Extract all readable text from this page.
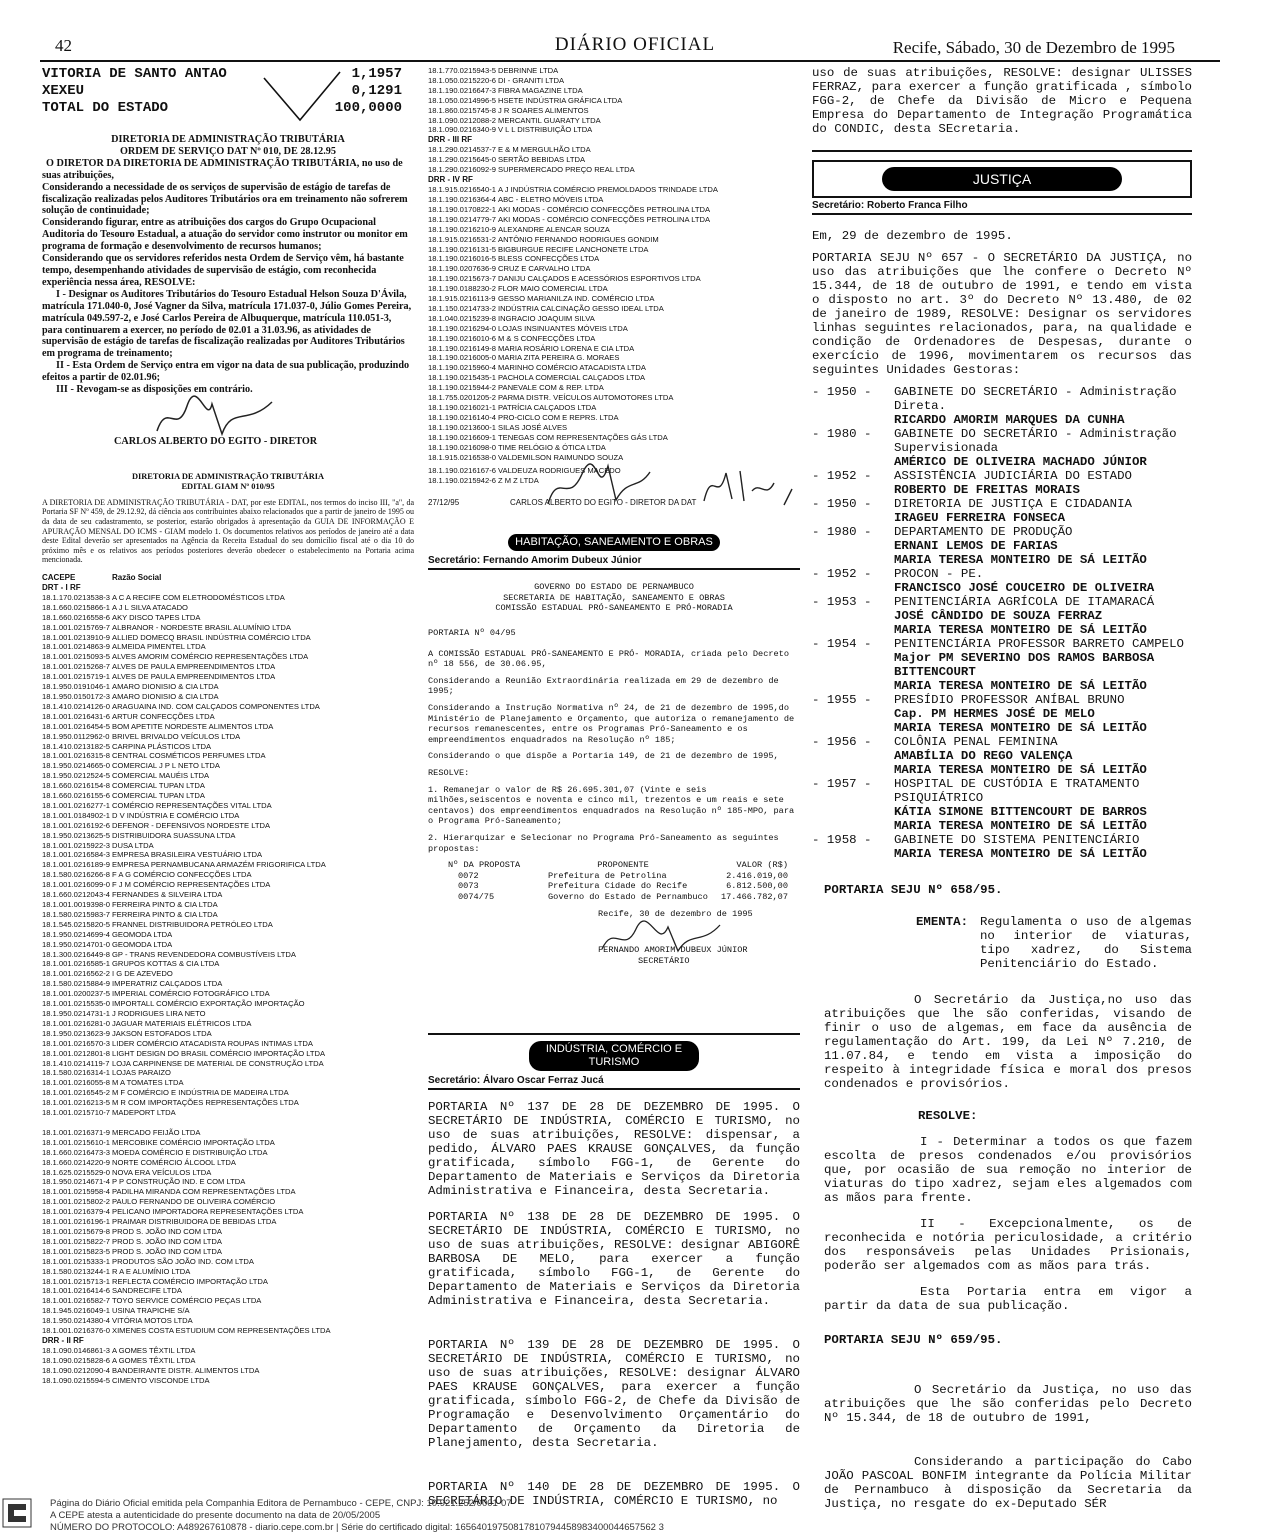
42	DIÁRIO OFICIAL	Recife, Sábado, 30 de Dezembro de 1995
VITORIA DE SANTO ANTAO	1,1957
XEXEU	0,1291
TOTAL DO ESTADO	100,0000

DIRETORIA DE ADMINISTRAÇÃO TRIBUTÁRIA

ORDEM DE SERVIÇO DAT Nº 010, DE 28.12.95

O DIRETOR DA DIRETORIA DE ADMINISTRAÇÃO TRIBUTÁRIA, no uso de suas atribuições,

Considerando a necessidade de os serviços de supervisão de estágio de tarefas de fiscalização realizadas pelos Auditores Tributários ora em treinamento não sofrerem solução de continuidade;

Considerando figurar, entre as atribuições dos cargos do Grupo Ocupacional Auditoria do Tesouro Estadual, a atuação do servidor como instrutor ou monitor em programa de formação e desenvolvimento de recursos humanos;

Considerando que os servidores referidos nesta Ordem de Serviço vêm, há bastante tempo, desempenhando atividades de supervisão de estágio, com reconhecida experiência nessa área, RESOLVE:

I - Designar os Auditores Tributários do Tesouro Estadual Helson Souza D'Ávila, matrícula 171.040-0, José Vagner da Silva, matrícula 171.037-0, Júlio Gomes Pereira, matrícula 049.597-2, e José Carlos Pereira de Albuquerque, matrícula 110.051-3, para continuarem a exercer, no período de 02.01 a 31.03.96, as atividades de supervisão de estágio de tarefas de fiscalização realizadas por Auditores Tributários em programa de treinamento;

II - Esta Ordem de Serviço entra em vigor na data de sua publicação, produzindo efeitos a partir de 02.01.96;

III - Revogam-se as disposições em contrário.

CARLOS ALBERTO DO EGITO - DIRETOR

DIRETORIA DE ADMINISTRAÇÃO TRIBUTÁRIA

EDITAL GIAM Nº 010/95

A DIRETORIA DE ADMINISTRAÇÃO TRIBUTÁRIA - DAT, por este EDITAL, nos termos do inciso III, "a", da Portaria SF Nº 459, de 29.12.92, dá ciência aos contribuintes abaixo relacionados que a partir de janeiro de 1995 ou da data de seu cadastramento, se posterior, estarão obrigados à apresentação da GUIA DE INFORMAÇÃO E APURAÇÃO MENSAL DO ICMS - GIAM modelo 1. Os documentos relativos aos períodos de janeiro até a data deste Edital deverão ser apresentados na Agência da Receita Estadual do seu domicílio fiscal até o dia 10 do próximo mês e os relativos aos períodos posteriores deverão obedecer o estabelecimento na Portaria acima mencionada.

CACEPE	Razão Social
DRT - I RF
18.1.170.0213538-3 A C A RECIFE COM ELETRODOMÉSTICOS LTDA
18.1.660.0215866-1 A J L SILVA ATACADO
18.1.660.0216558-6 AKY DISCO TAPES LTDA
18.1.001.0215769-7 ALBRANOR - NORDESTE BRASIL ALUMÍNIO LTDA
18.1.001.0213910-9 ALLIED DOMECQ BRASIL INDÚSTRIA COMÉRCIO LTDA
18.1.001.0214863-9 ALMEIDA PIMENTEL LTDA
18.1.001.0215093-5 ALVES AMORIM COMÉRCIO REPRESENTAÇÕES LTDA
18.1.001.0215268-7 ALVES DE PAULA EMPREENDIMENTOS LTDA
18.1.001.0215719-1 ALVES DE PAULA EMPREENDIMENTOS LTDA
18.1.950.0191046-1 AMARO DIONISIO & CIA LTDA
18.1.950.0150172-3 AMARO DIONISIO & CIA LTDA
18.1.410.0214126-0 ARAGUAINA IND. COM CALÇADOS COMPONENTES LTDA
18.1.001.0216431-6 ARTUR CONFECÇÕES LTDA
18.1.001.0216454-5 BOM APETITE NORDESTE ALIMENTOS LTDA
18.1.950.0112962-0 BRIVEL BRIVALDO VEÍCULOS LTDA
18.1.410.0213182-5 CARPINA PLÁSTICOS LTDA
18.1.001.0216315-8 CENTRAL COSMÉTICOS PERFUMES LTDA
18.1.950.0214665-0 COMERCIAL J P L NETO LTDA
18.1.950.0212524-5 COMERCIAL MAUÉIS LTDA
18.1.660.0216154-8 COMERCIAL TUPAN LTDA
18.1.660.0216155-6 COMERCIAL TUPAN LTDA
18.1.001.0216277-1 COMÉRCIO REPRESENTAÇÕES VITAL LTDA
18.1.001.0184902-1 D V INDÚSTRIA E COMÉRCIO LTDA
18.1.001.0216192-6 DEFENOR - DEFENSIVOS NORDESTE LTDA
18.1.950.0213625-5 DISTRIBUIDORA SUASSUNA LTDA
18.1.001.0215922-3 DUSA LTDA
18.1.001.0216584-3 EMPRESA BRASILEIRA VESTUÁRIO LTDA
18.1.001.0216189-9 EMPRESA PERNAMBUCANA ARMAZÉM FRIGORIFICA LTDA
18.1.580.0216266-8 F A G COMÉRCIO CONFECÇÕES LTDA
18.1.001.0216099-0 F J M COMÉRCIO REPRESENTAÇÕES LTDA
18.1.660.0212043-4 FERNANDES & SILVEIRA LTDA
18.1.001.0019398-0 FERREIRA PINTO & CIA LTDA
18.1.580.0215983-7 FERREIRA PINTO & CIA LTDA
18.1.545.0215820-5 FRANNEL DISTRIBUIDORA PETRÓLEO LTDA
18.1.950.0214699-4 GEOMODA LTDA
18.1.950.0214701-0 GEOMODA LTDA
18.1.300.0216449-8 GP - TRANS REVENDEDORA COMBUSTÍVEIS LTDA
18.1.001.0216585-1 GRUPOS KOTTAS & CIA LTDA
18.1.001.0216562-2 I G DE AZEVEDO
18.1.580.0215884-9 IMPERATRIZ CALÇADOS LTDA
18.1.001.0200237-5 IMPERIAL COMÉRCIO FOTOGRÁFICO LTDA
18.1.001.0215535-0 IMPORTALL COMÉRCIO EXPORTAÇÃO IMPORTAÇÃO
18.1.950.0214731-1 J RODRIGUES LIRA NETO
18.1.001.0216281-0 JAGUAR MATERIAIS ELÉTRICOS LTDA
18.1.950.0213623-9 JAKSON ESTOFADOS LTDA
18.1.001.0216570-3 LIDER COMÉRCIO ATACADISTA ROUPAS INTIMAS LTDA
18.1.001.0212801-8 LIGHT DESIGN DO BRASIL COMÉRCIO IMPORTAÇÃO LTDA
18.1.410.0214119-7 LOJA CARPINENSE DE MATERIAL DE CONSTRUÇÃO LTDA
18.1.580.0216314-1 LOJAS PARAIZO
18.1.001.0216055-8 M A TOMATES LTDA
18.1.001.0216545-2 M F COMÉRCIO E INDÚSTRIA DE MADEIRA LTDA
18.1.001.0216213-5 M R COM IMPORTAÇÕES REPRESENTAÇÕES LTDA
18.1.001.0215710-7 MADEPORT LTDA
18.1.001.0216371-9 MERCADO FEIJÃO LTDA
18.1.001.0215610-1 MERCOBIKE COMÉRCIO IMPORTAÇÃO LTDA
18.1.660.0216473-3 MOEDA COMÉRCIO E DISTRIBUIÇÃO LTDA
18.1.660.0214220-9 NORTE COMÉRCIO ÁLCOOL LTDA
18.1.625.0215529-0 NOVA ERA VEÍCULOS LTDA
18.1.950.0214671-4 P P CONSTRUÇÃO IND. E COM LTDA
18.1.001.0215958-4 PADILHA MIRANDA COM REPRESENTAÇÕES LTDA
18.1.001.0215802-2 PAULO FERNANDO DE OLIVEIRA COMÉRCIO
18.1.001.0216379-4 PELICANO IMPORTADORA REPRESENTAÇÕES LTDA
18.1.001.0216196-1 PRAIMAR DISTRIBUIDORA DE BEBIDAS LTDA
18.1.001.0215679-8 PROD S. JOÃO IND COM LTDA
18.1.001.0215822-7 PROD S. JOÃO IND COM LTDA
18.1.001.0215823-5 PROD S. JOÃO IND COM LTDA
18.1.001.0215333-1 PRODUTOS SÃO JOÃO IND. COM LTDA
18.1.580.0213244-1 R A E ALUMÍNIO LTDA
18.1.001.0215713-1 REFLECTA COMÉRCIO IMPORTAÇÃO LTDA
18.1.001.0216414-6 SANDRECIFE LTDA
18.1.001.0216582-7 TOYO SERVICE COMÉRCIO PEÇAS LTDA
18.1.945.0216049-1 USINA TRAPICHE S/A
18.1.950.0214380-4 VITÓRIA MOTOS LTDA
18.1.001.0216376-0 XIMENES COSTA ESTUDIUM COM REPRESENTAÇÕES LTDA
DRR - II RF
18.1.090.0146861-3 A GOMES TÊXTIL LTDA
18.1.090.0215828-6 A GOMES TÊXTIL LTDA
18.1.090.0212090-4 BANDEIRANTE DISTR. ALIMENTOS LTDA
18.1.090.0215594-5 CIMENTO VISCONDE LTDA
18.1.770.0215943-5 DEBRINNE LTDA
18.1.050.0215220-6 DI - GRANITI LTDA
18.1.190.0216647-3 FIBRA MAGAZINE LTDA
18.1.050.0214996-5 HSETE INDÚSTRIA GRÁFICA LTDA
18.1.860.0215745-8 J R SOARES ALIMENTOS
18.1.090.0212088-2 MERCANTIL GUARATY LTDA
18.1.090.0216340-9 V L L DISTRIBUIÇÃO LTDA
DRR - III RF
18.1.290.0214537-7 E & M MERGULHÃO LTDA
18.1.290.0215645-0 SERTÃO BEBIDAS LTDA
18.1.290.0216092-9 SUPERMERCADO PREÇO REAL LTDA
DRR - IV RF
18.1.915.0216540-1 A J INDÚSTRIA COMÉRCIO PREMOLDADOS TRINDADE LTDA
18.1.190.0216364-4 ABC - ELETRO MÓVEIS LTDA
18.1.190.0170822-1 AKI MODAS - COMÉRCIO CONFECÇÕES PETROLINA LTDA
18.1.190.0214779-7 AKI MODAS - COMÉRCIO CONFECÇÕES PETROLINA LTDA
18.1.190.0216210-9 ALEXANDRE ALENCAR SOUZA
18.1.915.0216531-2 ANTÔNIO FERNANDO RODRIGUES GONDIM
18.1.190.0216131-5 BIGBURGUE RECIFE LANCHONETE LTDA
18.1.190.0216016-5 BLESS CONFECÇÕES LTDA
18.1.190.0207636-9 CRUZ E CARVALHO LTDA
18.1.190.0215673-7 DANIJU CALÇADOS E ACESSÓRIOS ESPORTIVOS LTDA
18.1.190.0188230-2 FLOR MAIO COMERCIAL LTDA
18.1.915.0216113-9 GESSO MARIANILZA IND. COMÉRCIO LTDA
18.1.150.0214733-2 INDÚSTRIA CALCINAÇÃO GESSO IDEAL LTDA
18.1.040.0215239-8 INGRACIO JOAQUIM SILVA
18.1.190.0216294-0 LOJAS INSINUANTES MÓVEIS LTDA
18.1.190.0216010-6 M & S CONFECÇÕES LTDA
18.1.190.0216149-8 MARIA ROSÁRIO LORENA E CIA LTDA
18.1.190.0216005-0 MARIA ZITA PEREIRA G. MORAES
18.1.190.0215960-4 MARINHO COMÉRCIO ATACADISTA LTDA
18.1.190.0215435-1 PACHOLA COMERCIAL CALÇADOS LTDA
18.1.190.0215944-2 PANEVALE COM & REP. LTDA
18.1.755.0201205-2 PARMA DISTR. VEÍCULOS AUTOMOTORES LTDA
18.1.190.0216021-1 PATRÍCIA CALÇADOS LTDA
18.1.190.0216140-4 PRO-CICLO COM E REPRS. LTDA
18.1.190.0213600-1 SILAS JOSÉ ALVES
18.1.190.0216609-1 TENEGAS COM REPRESENTAÇÕES GÁS LTDA
18.1.190.0216098-0 TIME RELÓGIO & ÓTICA LTDA
18.1.915.0216538-0 VALDEMILSON RAIMUNDO SOUZA
18.1.190.0216167-6 VALDEUZA RODRIGUES MACEDO
18.1.190.0215942-6 Z M Z LTDA
27/12/95	CARLOS ALBERTO DO EGITO - DIRETOR DA DAT
HABITAÇÃO, SANEAMENTO E OBRAS
Secretário: Fernando Amorim Dubeux Júnior

GOVERNO DO ESTADO DE PERNAMBUCO

SECRETARIA DE HABITAÇÃO, SANEAMENTO E OBRAS

COMISSÃO ESTADUAL PRÓ-SANEAMENTO E PRÓ-MORADIA

PORTARIA Nº 04/95

A COMISSÃO ESTADUAL PRÓ-SANEAMENTO E PRÓ- MORADIA, criada pelo Decreto nº 18 556, de 30.06.95,

Considerando a Reunião Extraordinária realizada em 29 de dezembro de 1995;

Considerando a Instrução Normativa nº 24, de 21 de dezembro de 1995,do Ministério de Planejamento e Orçamento, que autoriza o remanejamento de recursos remanescentes, entre os Programas Pró-Saneamento e os empreendimentos enquadrados na Resolução nº 185;

Considerando o que dispõe a Portaria 149, de 21 de dezembro de 1995,

RESOLVE:

1. Remanejar o valor de R$ 26.695.301,07 (Vinte e seis milhões,seiscentos e noventa e cinco mil, trezentos e um reais e sete centavos) dos empreendimentos enquadrados na Resolução nº 185-MPO, para o Programa Pró-Saneamento;

2. Hierarquizar e Selecionar no Programa Pró-Saneamento as seguintes propostas:

Nº DA PROPOSTA	PROPONENTE	VALOR (R$)
0072	Prefeitura de Petrolina	2.416.019,00
0073	Prefeitura Cidade do Recife	6.812.500,00
0074/75	Governo do Estado de Pernambuco	17.466.782,07

Recife, 30 de dezembro de 1995

FERNANDO AMORIM DUBEUX JÚNIOR

SECRETÁRIO

INDÚSTRIA, COMÉRCIO E TURISMO
Secretário: Álvaro Oscar Ferraz Jucá

PORTARIA Nº 137 DE 28 DE DEZEMBRO DE 1995. O SECRETÁRIO DE INDÚSTRIA, COMÉRCIO E TURISMO, no uso de suas atribuições, RESOLVE: dispensar, a pedido, ÁLVARO PAES KRAUSE GONÇALVES, da função gratificada, símbolo FGG-1, de Gerente do Departamento de Materiais e Serviços da Diretoria Administrativa e Financeira, desta Secretaria.

PORTARIA Nº 138 DE 28 DE DEZEMBRO DE 1995. O SECRETÁRIO DE INDÚSTRIA, COMÉRCIO E TURISMO, no uso de suas atribuições, RESOLVE: designar ABIGORÊ BARBOSA DE MELO, para exercer a função gratificada, símbolo FGG-1, de Gerente do Departamento de Materiais e Serviços da Diretoria Administrativa e Financeira, desta Secretaria.

PORTARIA Nº 139 DE 28 DE DEZEMBRO DE 1995. O SECRETÁRIO DE INDÚSTRIA, COMÉRCIO E TURISMO, no uso de suas atribuições, RESOLVE: designar ÁLVARO PAES KRAUSE GONÇALVES, para exercer a função gratificada, símbolo FGG-2, de Chefe da Divisão de Programação e Desenvolvimento Orçamentário do Departamento de Orçamento da Diretoria de Planejamento, desta Secretaria.

PORTARIA Nº 140 DE 28 DE DEZEMBRO DE 1995. O SECRETÁRIO DE INDÚSTRIA, COMÉRCIO E TURISMO, no

uso de suas atribuições, RESOLVE: designar ULISSES FERRAZ, para exercer a função gratificada , símbolo FGG-2, de Chefe da Divisão de Micro e Pequena Empresa do Departamento de Integração Programática do CONDIC, desta SEcretaria.

JUSTIÇA
Secretário: Roberto Franca Filho

Em, 29 de dezembro de 1995.

PORTARIA SEJU Nº 657 - O SECRETÁRIO DA JUSTIÇA, no uso das atribuições que lhe confere o Decreto Nº 15.344, de 18 de outubro de 1991, e tendo em vista o disposto no art. 3º do Decreto Nº 13.480, de 02 de janeiro de 1989, RESOLVE: Designar os servidores linhas seguintes relacionados, para, na qualidade e condição de Ordenadores de Despesas, durante o exercício de 1996, movimentarem os recursos das seguintes Unidades Gestoras:

- 1950 -	GABINETE DO SECRETÁRIO - Administração Direta.
RICARDO AMORIM MARQUES DA CUNHA
- 1980 -	GABINETE DO SECRETÁRIO - Administração Supervisionada
AMÉRICO DE OLIVEIRA MACHADO JÚNIOR
- 1952 -	ASSISTÊNCIA JUDICIÁRIA DO ESTADO
ROBERTO DE FREITAS MORAIS
- 1950 -	DIRETORIA DE JUSTIÇA E CIDADANIA
IRAGEU FERREIRA FONSECA
- 1980 -	DEPARTAMENTO DE PRODUÇÃO
ERNANI LEMOS DE FARIAS
MARIA TERESA MONTEIRO DE SÁ LEITÃO
- 1952 -	PROCON - PE.
FRANCISCO JOSÉ COUCEIRO DE OLIVEIRA
- 1953 -	PENITENCIÁRIA AGRÍCOLA DE ITAMARACÁ
JOSÉ CÂNDIDO DE SOUZA FERRAZ
MARIA TERESA MONTEIRO DE SÁ LEITÃO
- 1954 -	PENITENCIÁRIA PROFESSOR BARRETO CAMPELO
Major PM SEVERINO DOS RAMOS BARBOSA BITTENCOURT
MARIA TERESA MONTEIRO DE SÁ LEITÃO
- 1955 -	PRESÍDIO PROFESSOR ANÍBAL BRUNO
Cap. PM HERMES JOSÉ DE MELO
MARIA TERESA MONTEIRO DE SÁ LEITÃO
- 1956 -	COLÔNIA PENAL FEMININA
AMABÍLIA DO REGO VALENÇA
MARIA TERESA MONTEIRO DE SÁ LEITÃO
- 1957 -	HOSPITAL DE CUSTÓDIA E TRATAMENTO PSIQUIÁTRICO
KÁTIA SIMONE BITTENCOURT DE BARROS
MARIA TERESA MONTEIRO DE SÁ LEITÃO
- 1958 -	GABINETE DO SISTEMA PENITENCIÁRIO
MARIA TERESA MONTEIRO DE SÁ LEITÃO

PORTARIA SEJU Nº 658/95.

EMENTA: Regulamenta o uso de algemas no interior de viaturas, tipo xadrez, do Sistema Penitenciário do Estado.

O Secretário da Justiça,no uso das atribuições que lhe são conferidas, visando de finir o uso de algemas, em face da ausência de regulamentação do Art. 199, da Lei Nº 7.210, de 11.07.84, e tendo em vista a imposição do respeito à integridade física e moral dos presos condenados e provisórios.

RESOLVE:

I - Determinar a todos os que fazem escolta de presos condenados e/ou provisórios que, por ocasião de sua remoção no interior de viaturas do tipo xadrez, sejam eles algemados com as mãos para frente.

II - Excepcionalmente, os de reconhecida e notória periculosidade, a critério dos responsáveis pelas Unidades Prisionais, poderão ser algemados com as mãos para trás.

Esta Portaria entra em vigor a partir da data de sua publicação.

PORTARIA SEJU Nº 659/95.

O Secretário da Justiça, no uso das atribuições que lhe são conferidas pelo Decreto Nº 15.344, de 18 de outubro de 1991,

Considerando a participação do Cabo JOÃO PASCOAL BONFIM integrante da Polícia Militar de Pernambuco à disposição da Secretaria da Justiça, no resgate do ex-Deputado SÉR

Página do Diário Oficial emitida pela Companhia Editora de Pernambuco - CEPE, CNPJ: 10.921.252/0001-07
A CEPE atesta a autenticidade do presente documento na data de 20/05/2005
NÚMERO DO PROTOCOLO: A489267610878 - diario.cepe.com.br | Série do certificado digital: 16564019750817810794458983400044657562 3
